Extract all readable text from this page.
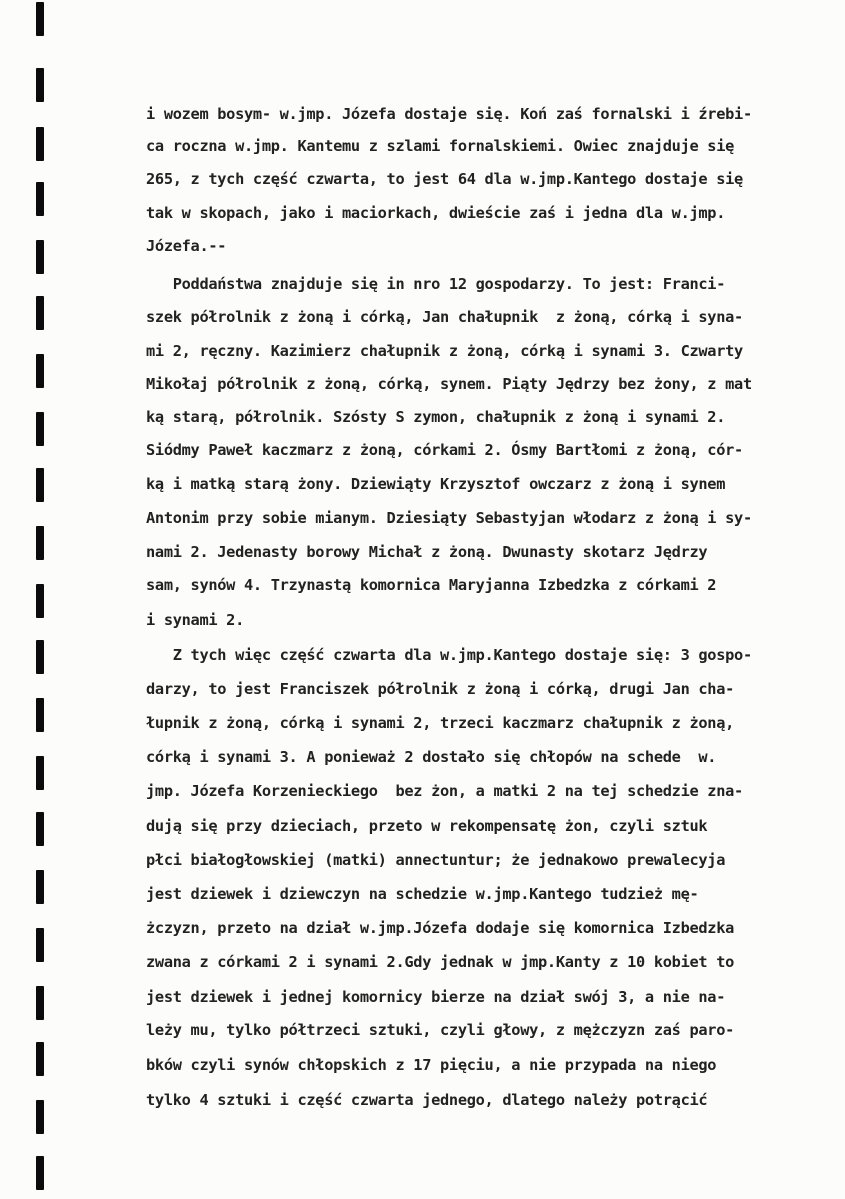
i wozem bosym- w.jmp. Józefa dostaje się. Koń zaś fornalski i źrebi-
ca roczna w.jmp. Kantemu z szlami fornalskiemi. Owiec znajduje się
265, z tych część czwarta, to jest 64 dla w.jmp.Kantego dostaje się
tak w skopach, jako i maciorkach, dwieście zaś i jedna dla w.jmp.
Józefa.--
Poddaństwa znajduje się in nro 12 gospodarzy. To jest: Franci-
szek półrolnik z żoną i córką, Jan chałupnik  z żoną, córką i syna-
mi 2, ręczny. Kazimierz chałupnik z żoną, córką i synami 3. Czwarty
Mikołaj półrolnik z żoną, córką, synem. Piąty Jędrzy bez żony, z mat
ką starą, półrolnik. Szósty S zymon, chałupnik z żoną i synami 2.
Siódmy Paweł kaczmarz z żoną, córkami 2. Ósmy Bartłomi z żoną, cór-
ką i matką starą żony. Dziewiąty Krzysztof owczarz z żoną i synem
Antonim przy sobie mianym. Dziesiąty Sebastyjan włodarz z żoną i sy-
nami 2. Jedenasty borowy Michał z żoną. Dwunasty skotarz Jędrzy
sam, synów 4. Trzynastą komornica Maryjanna Izbedzka z córkami 2
i synami 2.
Z tych więc część czwarta dla w.jmp.Kantego dostaje się: 3 gospo-
darzy, to jest Franciszek półrolnik z żoną i córką, drugi Jan cha-
łupnik z żoną, córką i synami 2, trzeci kaczmarz chałupnik z żoną,
córką i synami 3. A ponieważ 2 dostało się chłopów na schede  w.
jmp. Józefa Korzenieckiego  bez żon, a matki 2 na tej schedzie zna-
dują się przy dzieciach, przeto w rekompensatę żon, czyli sztuk
płci białogłowskiej (matki) annectuntur; że jednakowo prewalecyja
jest dziewek i dziewczyn na schedzie w.jmp.Kantego tudzież mę-
żczyzn, przeto na dział w.jmp.Józefa dodaje się komornica Izbedzka
zwana z córkami 2 i synami 2.Gdy jednak w jmp.Kanty z 10 kobiet to
jest dziewek i jednej komornicy bierze na dział swój 3, a nie na-
leży mu, tylko półtrzeci sztuki, czyli głowy, z mężczyzn zaś paro-
bków czyli synów chłopskich z 17 pięciu, a nie przypada na niego
tylko 4 sztuki i część czwarta jednego, dlatego należy potrącić
